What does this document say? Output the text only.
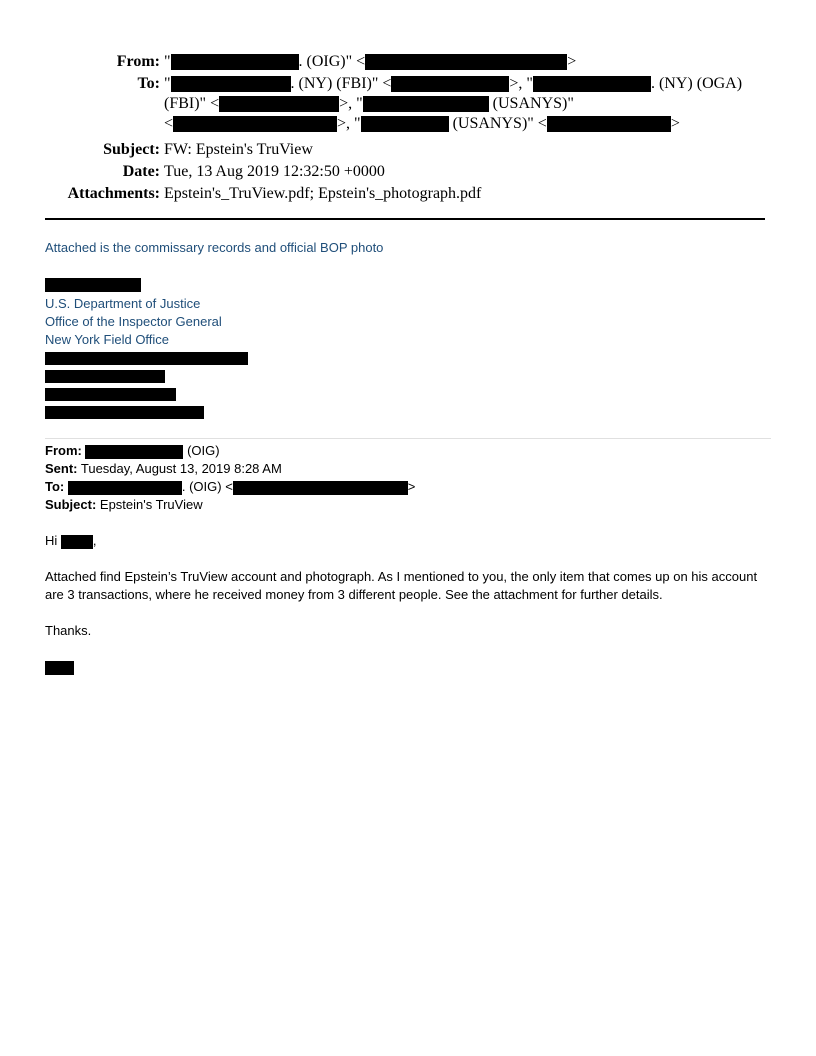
From: "	. (OIG)" <	>
To: "	. (NY) (FBI)" <	>, "	. (NY) (OGA)
(FBI)" <	>, "	(USANYS)"
<	>, "	(USANYS)" <	>
Subject: FW: Epstein's TruView
Date: Tue, 13 Aug 2019 12:32:50 +0000
Attachments: Epstein's_TruView.pdf; Epstein's_photograph.pdf
Attached is the commissary records and official BOP photo
U.S. Department of Justice
Office of the Inspector General
New York Field Office
From:	(OIG)
Sent: Tuesday, August 13, 2019 8:28 AM
To:	. (OIG) <	>
Subject: Epstein's TruView
Hi	,
Attached find Epstein’s TruView account and photograph. As I mentioned to you, the only item that comes up on his account are 3 transactions, where he received money from 3 different people. See the attachment for further details.
Thanks.
